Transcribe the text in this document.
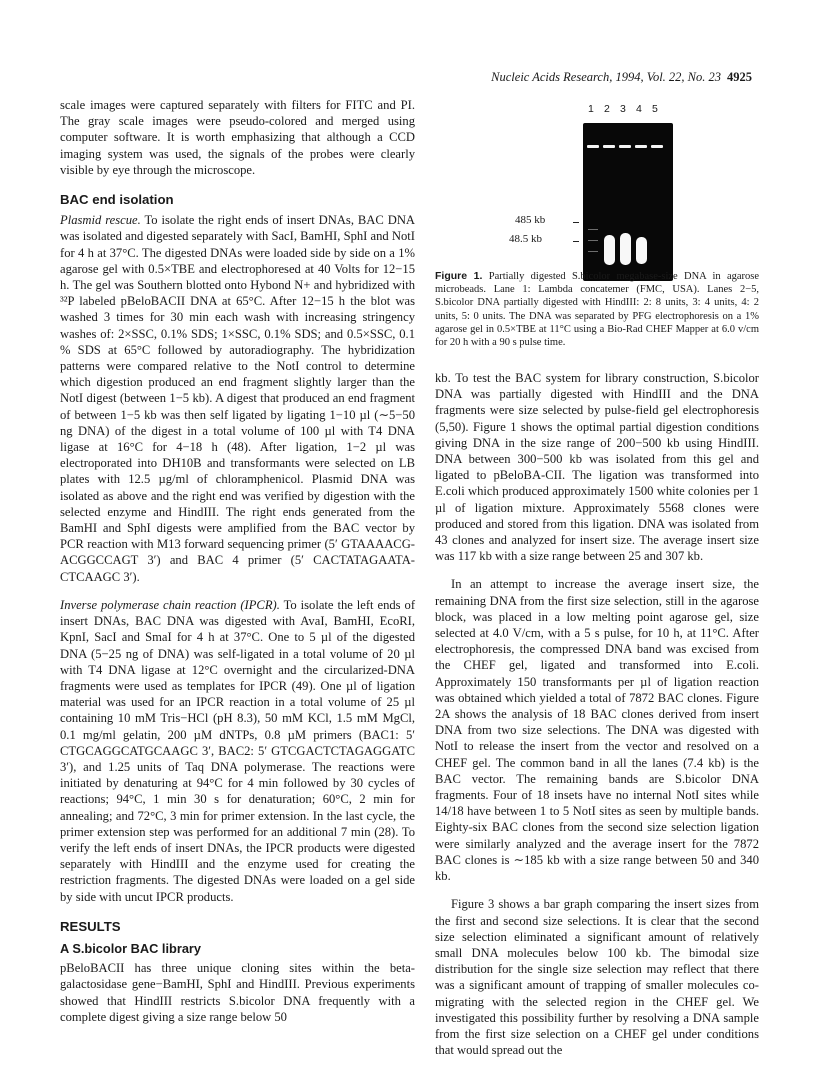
Nucleic Acids Research, 1994, Vol. 22, No. 23 4925

scale images were captured separately with filters for FITC and PI. The gray scale images were pseudo-colored and merged using computer software. It is worth emphasizing that although a CCD imaging system was used, the signals of the probes were clearly visible by eye through the microscope.

BAC end isolation

Plasmid rescue. To isolate the right ends of insert DNAs, BAC DNA was isolated and digested separately with SacI, BamHI, SphI and NotI for 4 h at 37°C. The digested DNAs were loaded side by side on a 1% agarose gel with 0.5×TBE and electrophoresed at 40 Volts for 12−15 h. The gel was Southern blotted onto Hybond N+ and hybridized with ³²P labeled pBeloBACII DNA at 65°C. After 12−15 h the blot was washed 3 times for 30 min each wash with increasing stringency washes of: 2×SSC, 0.1% SDS; 1×SSC, 0.1% SDS; and 0.5×SSC, 0.1 % SDS at 65°C followed by autoradiography. The hybridization patterns were compared relative to the NotI control to determine which digestion produced an end fragment slightly larger than the NotI digest (between 1−5 kb). A digest that produced an end fragment of between 1−5 kb was then self ligated by ligating 1−10 µl (∼5−50 ng DNA) of the digest in a total volume of 100 µl with T4 DNA ligase at 16°C for 4−18 h (48). After ligation, 1−2 µl was electroporated into DH10B and transformants were selected on LB plates with 12.5 µg/ml of chloramphenicol. Plasmid DNA was isolated as above and the right end was verified by digestion with the selected enzyme and HindIII. The right ends generated from the BamHI and SphI digests were amplified from the BAC vector by PCR reaction with M13 forward sequencing primer (5′ GTAAAACG-ACGGCCAGT 3′) and BAC 4 primer (5′ CACTATAGAATA-CTCAAGC 3′).

Inverse polymerase chain reaction (IPCR). To isolate the left ends of insert DNAs, BAC DNA was digested with AvaI, BamHI, EcoRI, KpnI, SacI and SmaI for 4 h at 37°C. One to 5 µl of the digested DNA (5−25 ng of DNA) was self-ligated in a total volume of 20 µl with T4 DNA ligase at 12°C overnight and the circularized-DNA fragments were used as templates for IPCR (49). One µl of ligation material was used for an IPCR reaction in a total volume of 25 µl containing 10 mM Tris−HCl (pH 8.3), 50 mM KCl, 1.5 mM MgCl, 0.1 mg/ml gelatin, 200 µM dNTPs, 0.8 µM primers (BAC1: 5′ CTGCAGGCATGCAAGC 3′, BAC2: 5′ GTCGACTCTAGAGGATC 3′), and 1.25 units of Taq DNA polymerase. The reactions were initiated by denaturing at 94°C for 4 min followed by 30 cycles of reactions; 94°C, 1 min 30 s for denaturation; 60°C, 2 min for annealing; and 72°C, 3 min for primer extension. In the last cycle, the primer extension step was performed for an additional 7 min (28). To verify the left ends of insert DNAs, the IPCR products were digested separately with HindIII and the enzyme used for creating the restriction fragments. The digested DNAs were loaded on a gel side by side with uncut IPCR products.

RESULTS
A S.bicolor BAC library

pBeloBACII has three unique cloning sites within the beta-galactosidase gene−BamHI, SphI and HindIII. Previous experiments showed that HindIII restricts S.bicolor DNA frequently with a complete digest giving a size range below 50

1 2 3 4 5
485 kb
48.5 kb
Figure 1. Partially digested S.bicolor megabase-size DNA in agarose microbeads. Lane 1: Lambda concatemer (FMC, USA). Lanes 2−5, S.bicolor DNA partially digested with HindIII: 2: 8 units, 3: 4 units, 4: 2 units, 5: 0 units. The DNA was separated by PFG electrophoresis on a 1% agarose gel in 0.5×TBE at 11°C using a Bio-Rad CHEF Mapper at 6.0 v/cm for 20 h with a 90 s pulse time.

kb. To test the BAC system for library construction, S.bicolor DNA was partially digested with HindIII and the DNA fragments were size selected by pulse-field gel electrophoresis (5,50). Figure 1 shows the optimal partial digestion conditions giving DNA in the size range of 200−500 kb using HindIII. DNA between 300−500 kb was isolated from this gel and ligated to pBeloBA-CII. The ligation was transformed into E.coli which produced approximately 1500 white colonies per 1 µl of ligation mixture. Approximately 5568 clones were produced and stored from this ligation. DNA was isolated from 43 clones and analyzed for insert size. The average insert size was 117 kb with a size range between 25 and 307 kb.

In an attempt to increase the average insert size, the remaining DNA from the first size selection, still in the agarose block, was placed in a low melting point agarose gel, size selected at 4.0 V/cm, with a 5 s pulse, for 10 h, at 11°C. After electrophoresis, the compressed DNA band was excised from the CHEF gel, ligated and transformed into E.coli. Approximately 150 transformants per µl of ligation reaction was obtained which yielded a total of 7872 BAC clones. Figure 2A shows the analysis of 18 BAC clones derived from insert DNA from two size selections. The DNA was digested with NotI to release the insert from the vector and resolved on a CHEF gel. The common band in all the lanes (7.4 kb) is the BAC vector. The remaining bands are S.bicolor DNA fragments. Four of 18 insets have no internal NotI sites while 14/18 have between 1 to 5 NotI sites as seen by multiple bands. Eighty-six BAC clones from the second size selection ligation were similarly analyzed and the average insert for the 7872 BAC clones is ∼185 kb with a size range between 50 and 340 kb.

Figure 3 shows a bar graph comparing the insert sizes from the first and second size selections. It is clear that the second size selection eliminated a significant amount of relatively small DNA molecules below 100 kb. The bimodal size distribution for the single size selection may reflect that there was a significant amount of trapping of smaller molecules co-migrating with the selected region in the CHEF gel. We investigated this possibility further by resolving a DNA sample from the first size selection on a CHEF gel under conditions that would spread out the
